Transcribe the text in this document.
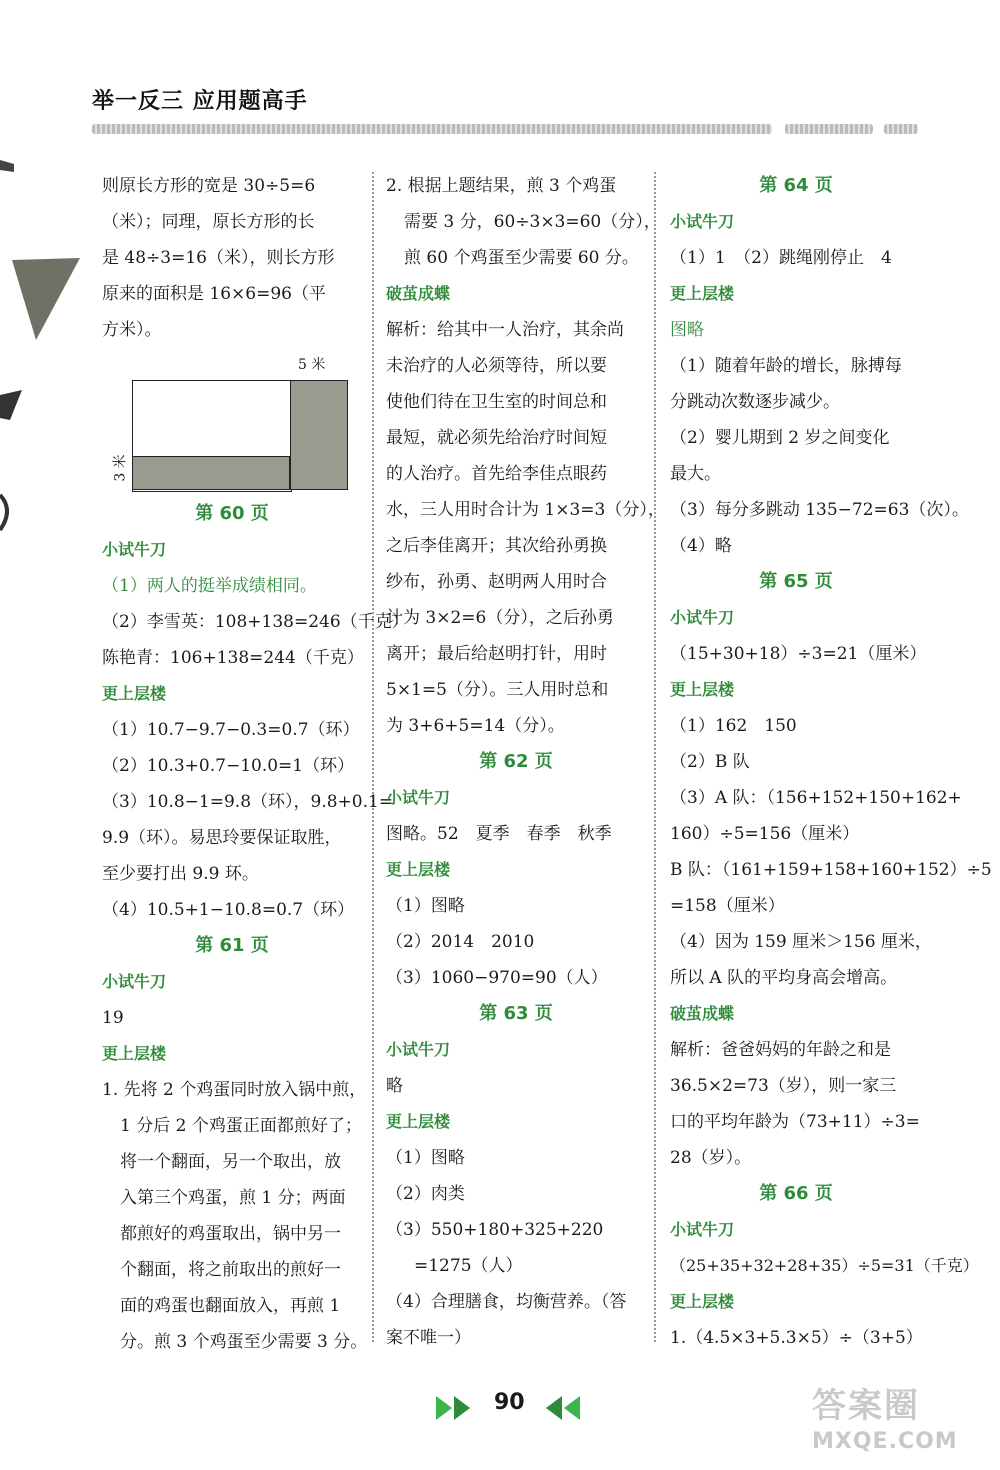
举一反三 应用题高手
则原长方形的宽是 30÷5=6
（米）；同理，原长方形的长
是 48÷3=16（米），则长方形
原来的面积是 16×6=96（平
方米）。
5 米
3 米
第 60 页
小试牛刀
（1）两人的挺举成绩相同。
（2）李雪英：108+138=246（千克）
陈艳青：106+138=244（千克）
更上层楼
（1）10.7−9.7−0.3=0.7（环）
（2）10.3+0.7−10.0=1（环）
（3）10.8−1=9.8（环），9.8+0.1=
9.9（环）。易思玲要保证取胜，
至少要打出 9.9 环。
（4）10.5+1−10.8=0.7（环）
第 61 页
小试牛刀
19
更上层楼
1. 先将 2 个鸡蛋同时放入锅中煎，
1 分后 2 个鸡蛋正面都煎好了；
将一个翻面，另一个取出，放
入第三个鸡蛋，煎 1 分；两面
都煎好的鸡蛋取出，锅中另一
个翻面，将之前取出的煎好一
面的鸡蛋也翻面放入，再煎 1
分。煎 3 个鸡蛋至少需要 3 分。
2. 根据上题结果，煎 3 个鸡蛋
需要 3 分，60÷3×3=60（分），
煎 60 个鸡蛋至少需要 60 分。
破茧成蝶
解析：给其中一人治疗，其余尚
未治疗的人必须等待，所以要
使他们待在卫生室的时间总和
最短，就必须先给治疗时间短
的人治疗。首先给李佳点眼药
水，三人用时合计为 1×3=3（分），
之后李佳离开；其次给孙勇换
纱布，孙勇、赵明两人用时合
计为 3×2=6（分），之后孙勇
离开；最后给赵明打针，用时
5×1=5（分）。三人用时总和
为 3+6+5=14（分）。
第 62 页
小试牛刀
图略。52　夏季　春季　秋季
更上层楼
（1）图略
（2）2014　2010
（3）1060−970=90（人）
第 63 页
小试牛刀
略
更上层楼
（1）图略
（2）肉类
（3）550+180+325+220
=1275（人）
（4）合理膳食，均衡营养。（答
案不唯一）
第 64 页
小试牛刀
（1）1　（2）跳绳刚停止　4
更上层楼
图略
（1）随着年龄的增长，脉搏每
分跳动次数逐步减少。
（2）婴儿期到 2 岁之间变化
最大。
（3）每分多跳动 135−72=63（次）。
（4）略
第 65 页
小试牛刀
（15+30+18）÷3=21（厘米）
更上层楼
（1）162　150
（2）B 队
（3）A 队：（156+152+150+162+
160）÷5=156（厘米）
B 队：（161+159+158+160+152）÷5
=158（厘米）
（4）因为 159 厘米＞156 厘米，
所以 A 队的平均身高会增高。
破茧成蝶
解析：爸爸妈妈的年龄之和是
36.5×2=73（岁），则一家三
口的平均年龄为（73+11）÷3=
28（岁）。
第 66 页
小试牛刀
（25+35+32+28+35）÷5=31（千克）
更上层楼
1.（4.5×3+5.3×5）÷（3+5）
90	答案圈
MXQE.COM
